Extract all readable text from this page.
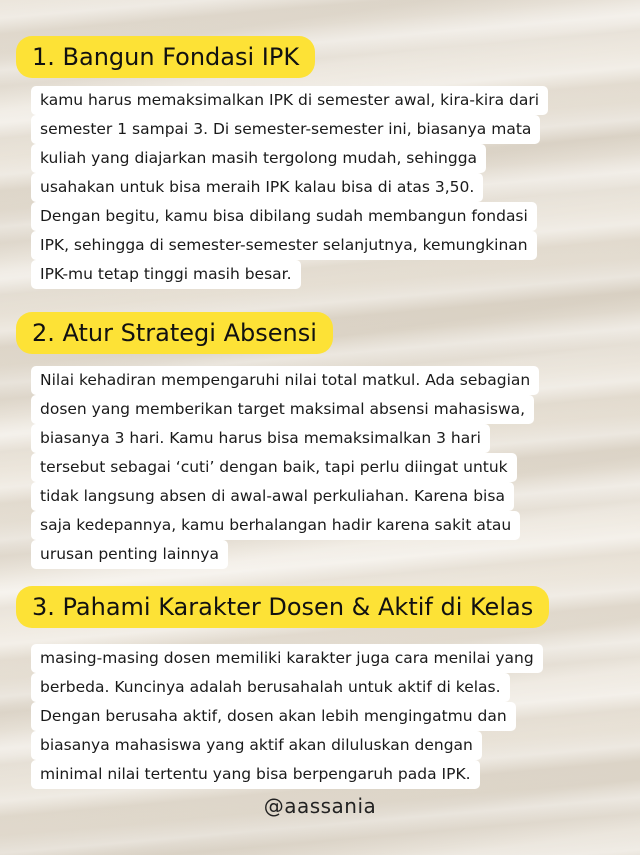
1. Bangun Fondasi IPK
kamu harus memaksimalkan IPK di semester awal, kira-kira dari
semester 1 sampai 3. Di semester-semester ini, biasanya mata
kuliah yang diajarkan masih tergolong mudah, sehingga
usahakan untuk bisa meraih IPK kalau bisa di atas 3,50.
Dengan begitu, kamu bisa dibilang sudah membangun fondasi
IPK, sehingga di semester-semester selanjutnya, kemungkinan
IPK-mu tetap tinggi masih besar.
2. Atur Strategi Absensi
Nilai kehadiran mempengaruhi nilai total matkul. Ada sebagian
dosen yang memberikan target maksimal absensi mahasiswa,
biasanya 3 hari. Kamu harus bisa memaksimalkan 3 hari
tersebut sebagai ‘cuti’ dengan baik, tapi perlu diingat untuk
tidak langsung absen di awal-awal perkuliahan. Karena bisa
saja kedepannya, kamu berhalangan hadir karena sakit atau
urusan penting lainnya
3. Pahami Karakter Dosen & Aktif di Kelas
masing-masing dosen memiliki karakter juga cara menilai yang
berbeda. Kuncinya adalah berusahalah untuk aktif di kelas.
Dengan berusaha aktif, dosen akan lebih mengingatmu dan
biasanya mahasiswa yang aktif akan diluluskan dengan
minimal nilai tertentu yang bisa berpengaruh pada IPK.
@aassania
